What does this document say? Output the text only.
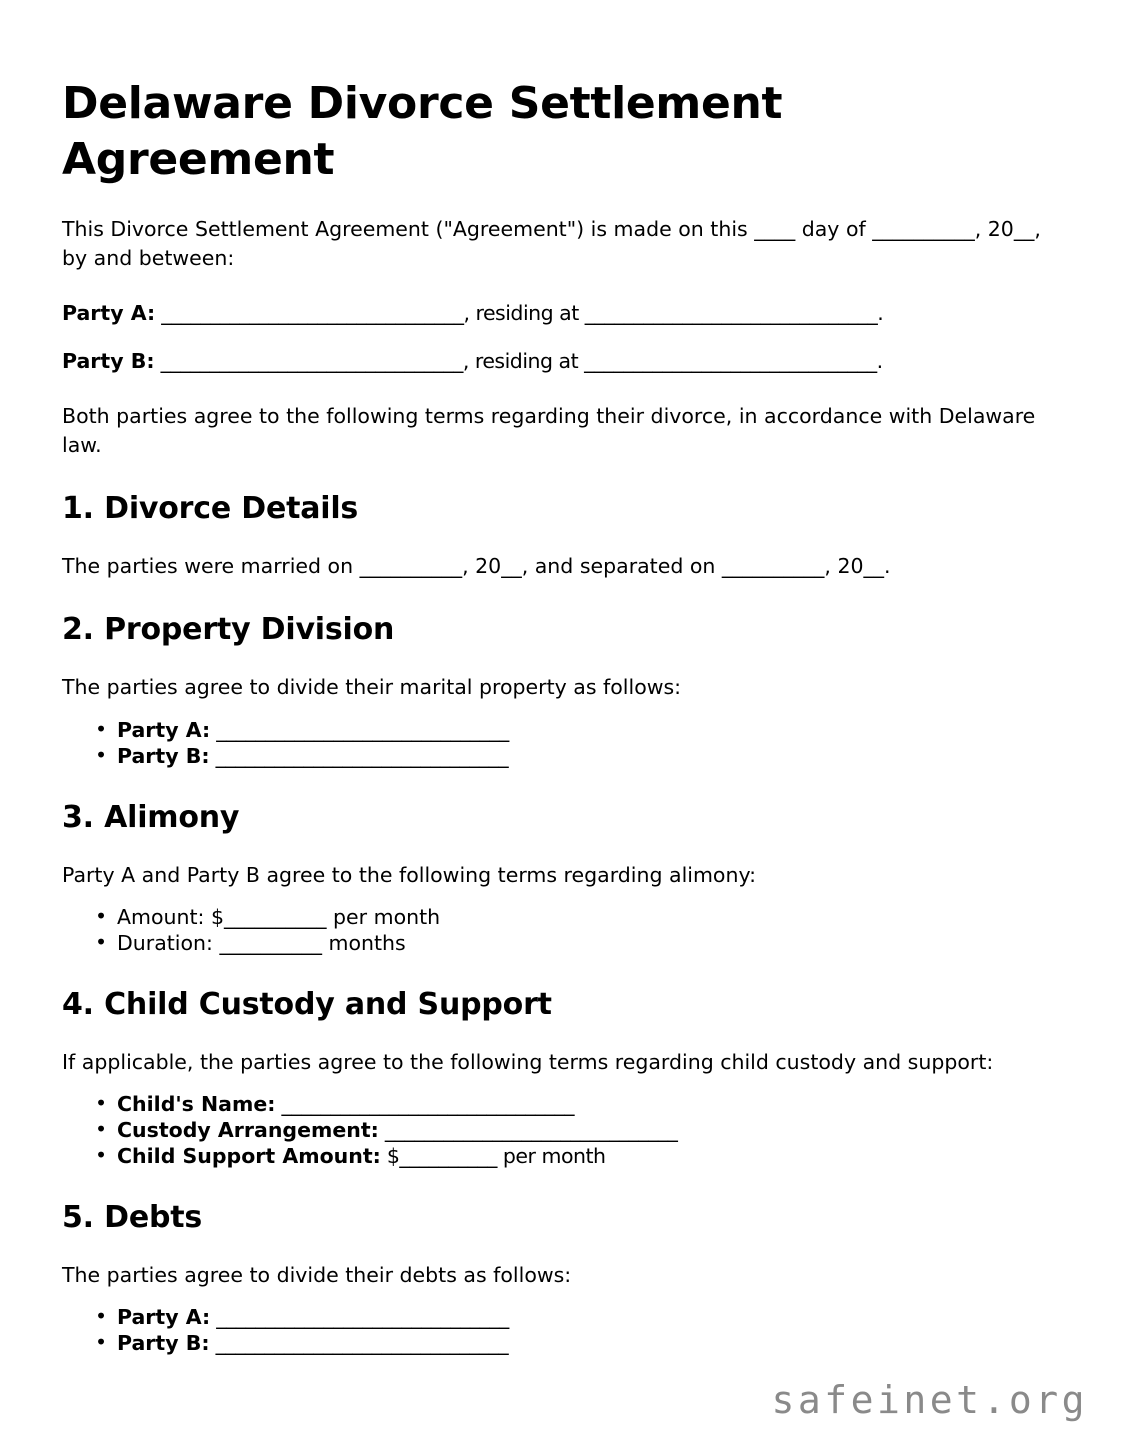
Delaware Divorce Settlement Agreement

This Divorce Settlement Agreement ("Agreement") is made on this ____ day of __________, 20__, by and between:

Party A: _______________________________, residing at ______________________________.

Party B: _______________________________, residing at ______________________________.

Both parties agree to the following terms regarding their divorce, in accordance with Delaware law.

1. Divorce Details

The parties were married on __________, 20__, and separated on __________, 20__.

2. Property Division

The parties agree to divide their marital property as follows:

• Party A: ______________________________
• Party B: ______________________________
3. Alimony

Party A and Party B agree to the following terms regarding alimony:

• Amount: $__________ per month
• Duration: __________ months
4. Child Custody and Support

If applicable, the parties agree to the following terms regarding child custody and support:

• Child's Name: ______________________________
• Custody Arrangement: ______________________________
• Child Support Amount: $__________ per month
5. Debts

The parties agree to divide their debts as follows:

• Party A: ______________________________
• Party B: ______________________________
safeinet.org
